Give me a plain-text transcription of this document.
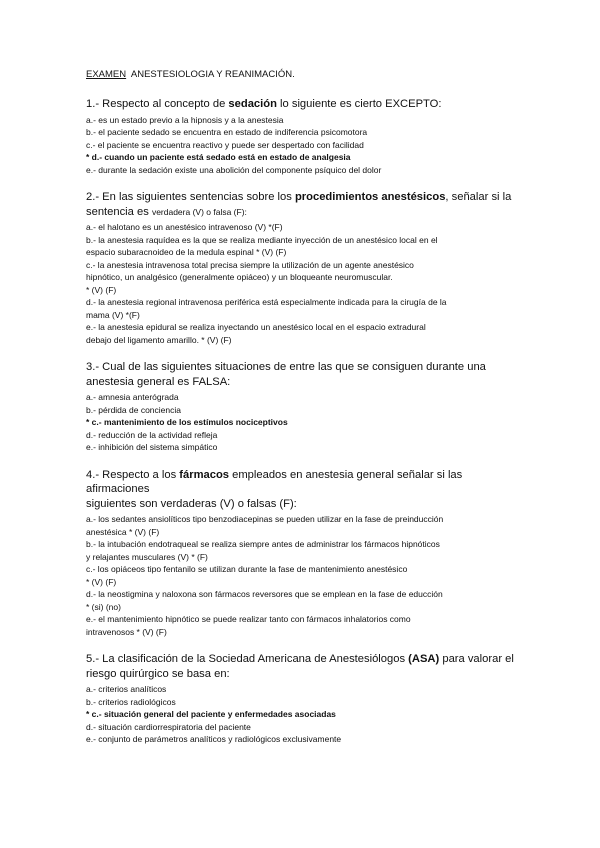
EXAMEN ANESTESIOLOGIA Y REANIMACIÓN.

1.- Respecto al concepto de sedación lo siguiente es cierto EXCEPTO:

a.- es un estado previo a la hipnosis y a la anestesia

b.- el paciente sedado se encuentra en estado de indiferencia psicomotora

c.- el paciente se encuentra reactivo y puede ser despertado con facilidad

* d.- cuando un paciente está sedado está en estado de analgesia

e.- durante la sedación existe una abolición del componente psíquico del dolor

2.- En las siguientes sentencias sobre los procedimientos anestésicos, señalar si la sentencia es verdadera (V) o falsa (F):

a.- el halotano es un anestésico intravenoso (V) *(F)

b.- la anestesia raquídea es la que se realiza mediante inyección de un anestésico local en el

espacio subaracnoideo de la medula espinal * (V) (F)

c.- la anestesia intravenosa total precisa siempre la utilización de un agente anestésico

hipnótico, un analgésico (generalmente opiáceo) y un bloqueante neuromuscular.

* (V) (F)

d.- la anestesia regional intravenosa periférica está especialmente indicada para la cirugía de la

mama (V) *(F)

e.- la anestesia epidural se realiza inyectando un anestésico local en el espacio extradural

debajo del ligamento amarillo. * (V) (F)

3.- Cual de las siguientes situaciones de entre las que se consiguen durante una

anestesia general es FALSA:

a.- amnesia anterógrada

b.- pérdida de conciencia

* c.- mantenimiento de los estímulos nociceptivos

d.- reducción de la actividad refleja

e.- inhibición del sistema simpático

4.- Respecto a los fármacos empleados en anestesia general señalar si las afirmaciones

siguientes son verdaderas (V) o falsas (F):

a.- los sedantes ansiolíticos tipo benzodiacepinas se pueden utilizar en la fase de preinducción

anestésica * (V) (F)

b.- la intubación endotraqueal se realiza siempre antes de administrar los fármacos hipnóticos

y relajantes musculares (V) * (F)

c.- los opiáceos tipo fentanilo se utilizan durante la fase de mantenimiento anestésico

* (V) (F)

d.- la neostigmina y naloxona son fármacos reversores que se emplean en la fase de educción

* (si) (no)

e.- el mantenimiento hipnótico se puede realizar tanto con fármacos inhalatorios como

intravenosos * (V) (F)

5.- La clasificación de la Sociedad Americana de Anestesiólogos (ASA) para valorar el

riesgo quirúrgico se basa en:

a.- criterios analíticos

b.- criterios radiológicos

* c.- situación general del paciente y enfermedades asociadas

d.- situación cardiorrespiratoria del paciente

e.- conjunto de parámetros analíticos y radiológicos exclusivamente
